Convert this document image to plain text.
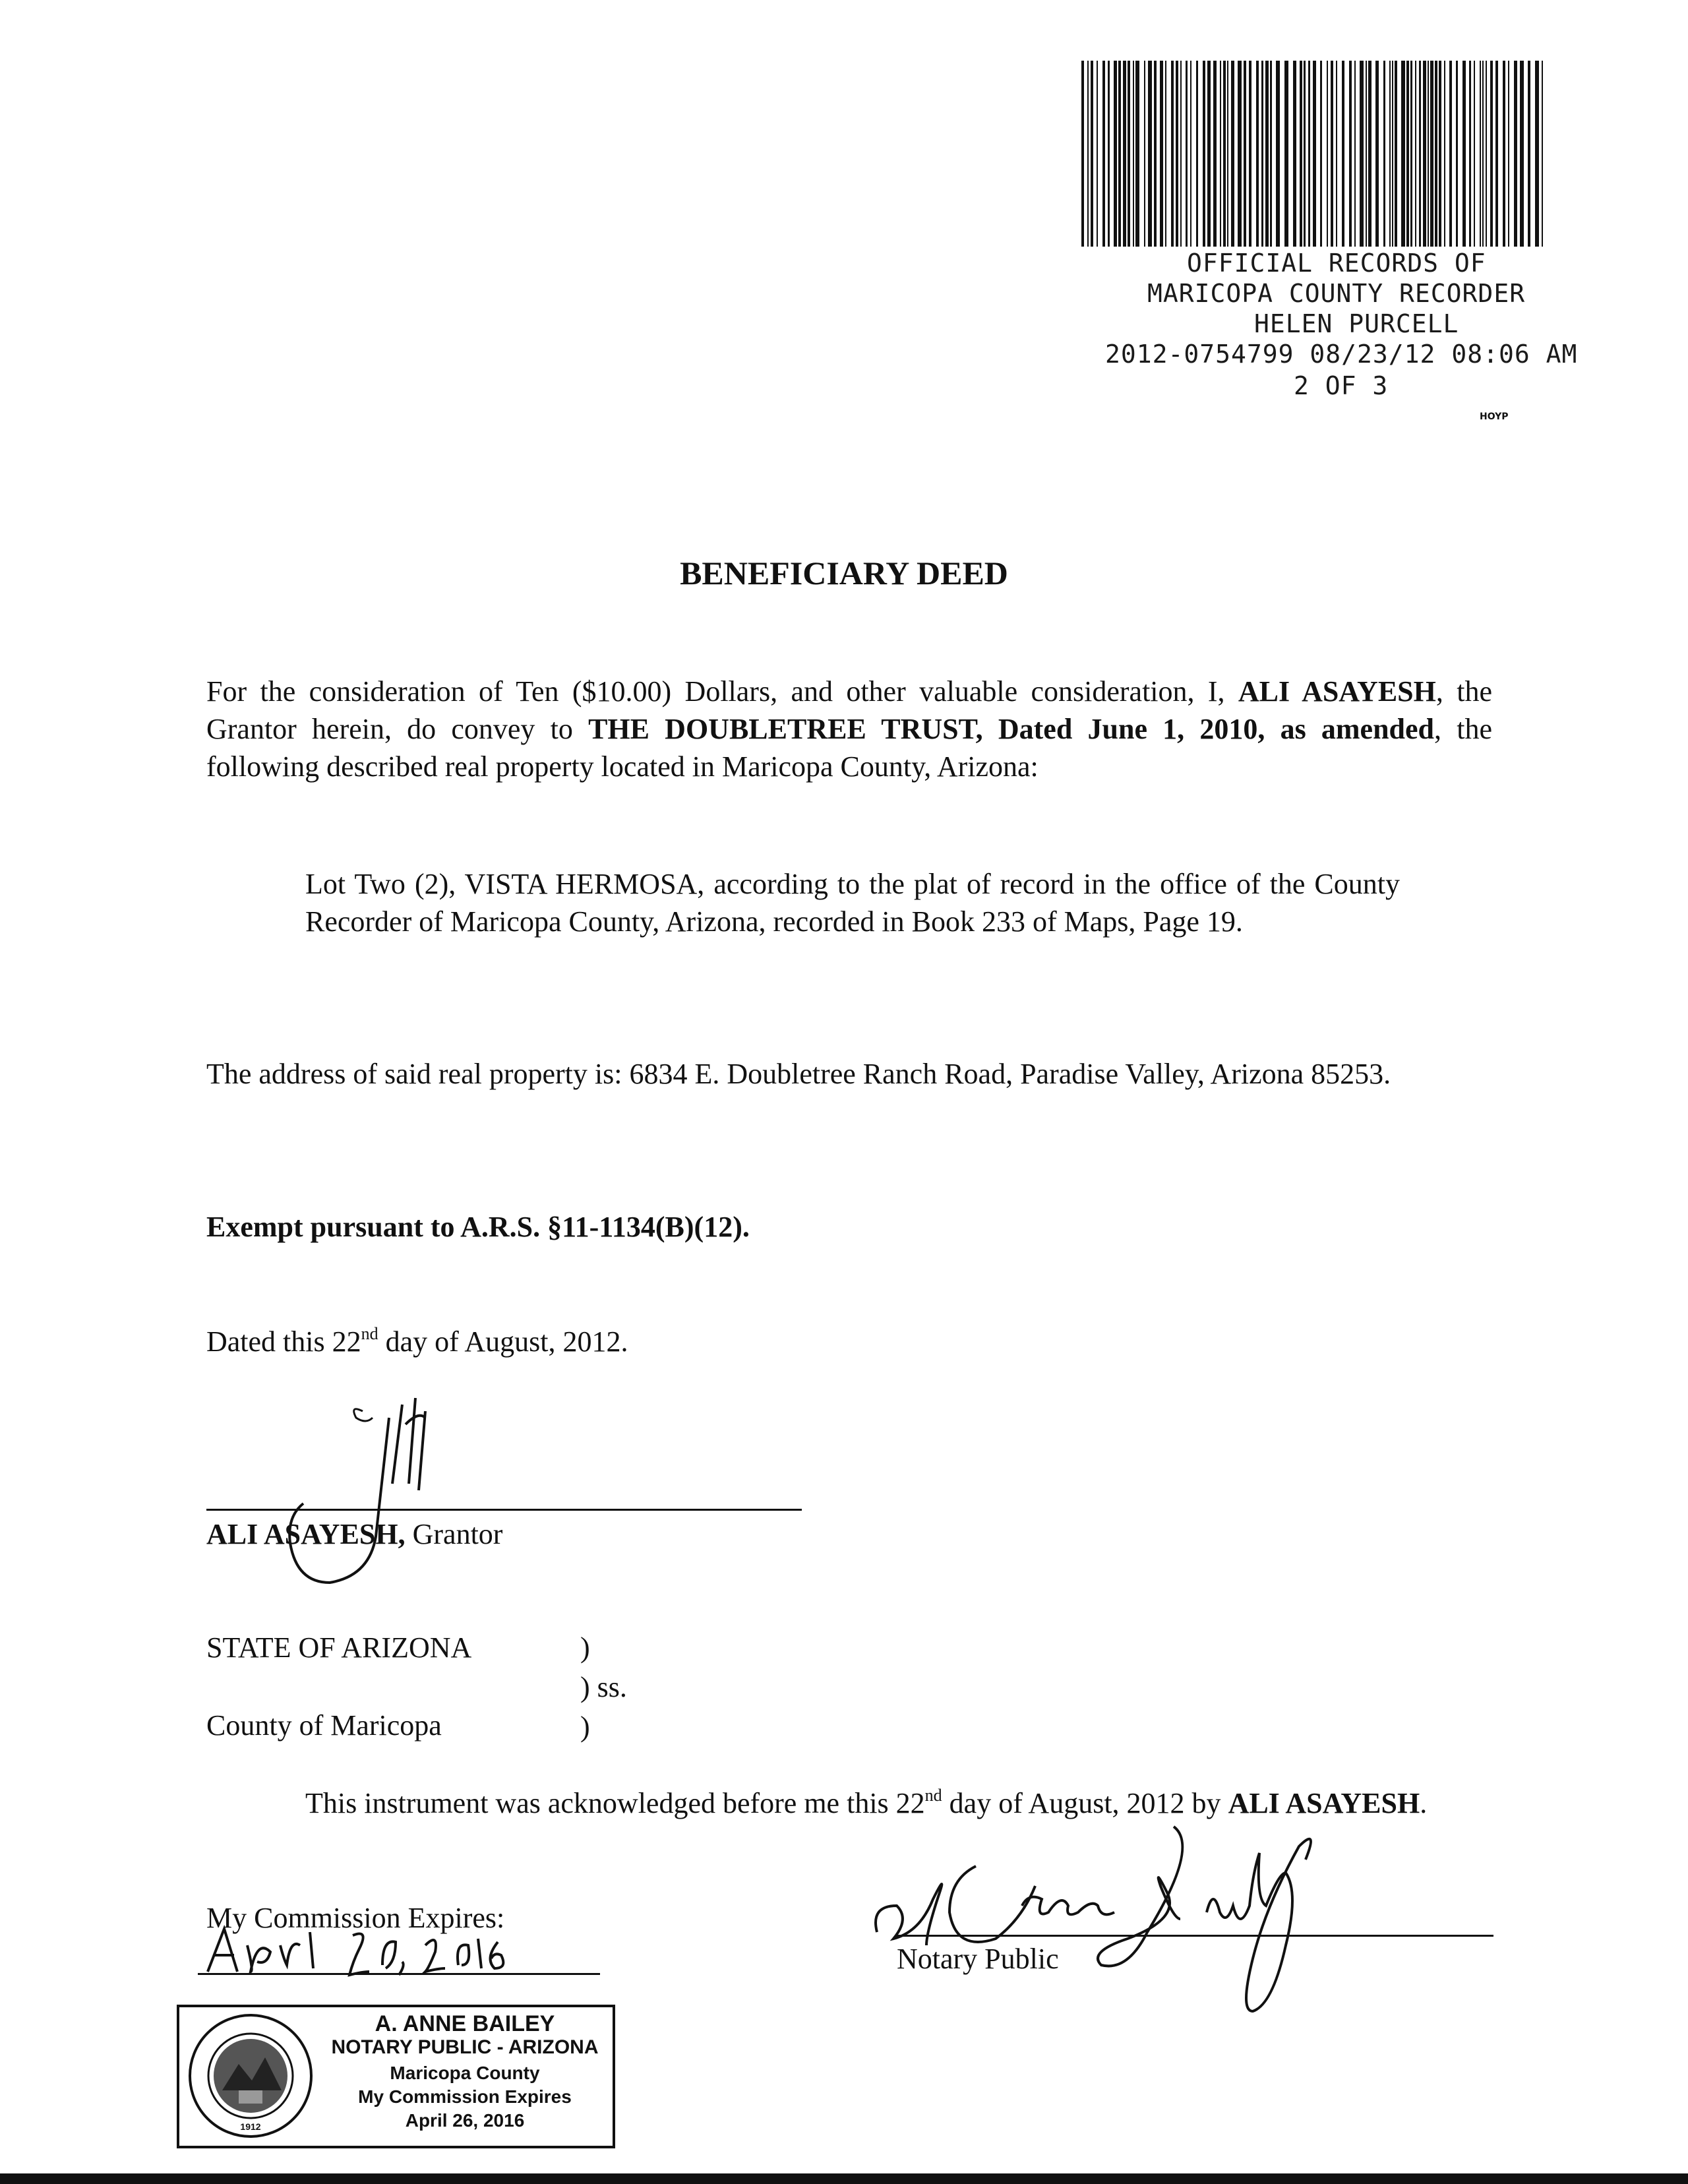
OFFICIAL RECORDS OF
MARICOPA COUNTY RECORDER
HELEN PURCELL
2012-0754799 08/23/12 08:06 AM
2 OF 3
HOYP
BENEFICIARY DEED
For the consideration of Ten ($10.00) Dollars, and other valuable consideration, I, ALI ASAYESH, the Grantor herein, do convey to THE DOUBLETREE TRUST, Dated June 1, 2010, as amended, the following described real property located in Maricopa County, Arizona:
Lot Two (2), VISTA HERMOSA, according to the plat of record in the office of the County Recorder of Maricopa County, Arizona, recorded in Book 233 of Maps, Page 19.
The address of said real property is: 6834 E. Doubletree Ranch Road, Paradise Valley, Arizona 85253.
Exempt pursuant to A.R.S. §11-1134(B)(12).
Dated this 22nd day of August, 2012.
ALI ASAYESH, Grantor
STATE OF ARIZONA
County of Maricopa
)
) ss.
)
This instrument was acknowledged before me this 22nd day of August, 2012 by ALI ASAYESH.
My Commission Expires:
Notary Public
1912
A. ANNE BAILEY
NOTARY PUBLIC - ARIZONA
Maricopa County
My Commission Expires
April 26, 2016
